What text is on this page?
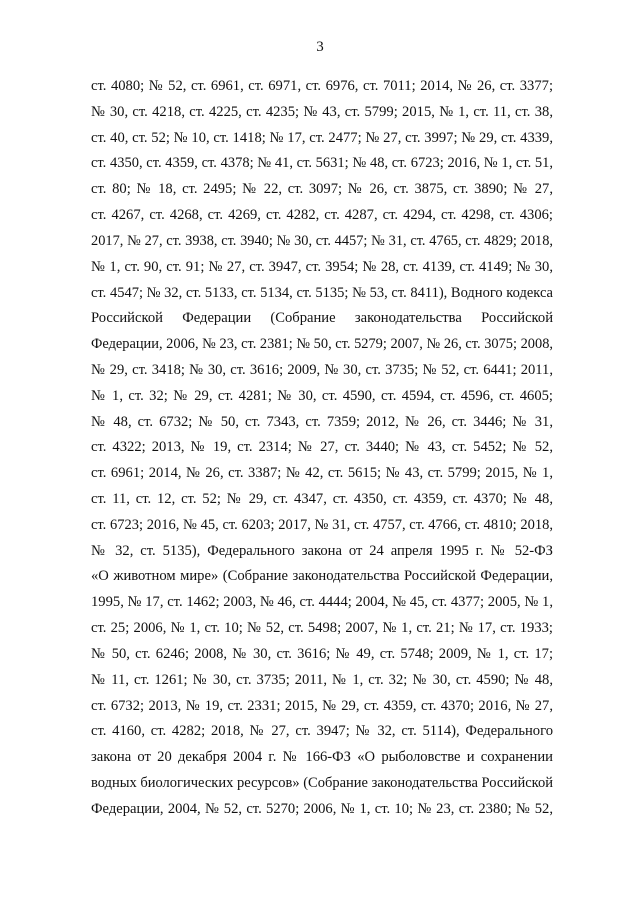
3
ст. 4080; № 52, ст. 6961, ст. 6971, ст. 6976, ст. 7011; 2014, № 26, ст. 3377;
№ 30, ст. 4218, ст. 4225, ст. 4235; № 43, ст. 5799; 2015, № 1, ст. 11, ст. 38,
ст. 40, ст. 52; № 10, ст. 1418; № 17, ст. 2477; № 27, ст. 3997; № 29, ст. 4339,
ст. 4350, ст. 4359, ст. 4378; № 41, ст. 5631; № 48, ст. 6723; 2016, № 1, ст. 51,
ст. 80; № 18, ст. 2495; № 22, ст. 3097; № 26, ст. 3875, ст. 3890; № 27,
ст. 4267, ст. 4268, ст. 4269, ст. 4282, ст. 4287, ст. 4294, ст. 4298, ст. 4306;
2017, № 27, ст. 3938, ст. 3940; № 30, ст. 4457; № 31, ст. 4765, ст. 4829; 2018,
№ 1, ст. 90, ст. 91; № 27, ст. 3947, ст. 3954; № 28, ст. 4139, ст. 4149; № 30,
ст. 4547; № 32, ст. 5133, ст. 5134, ст. 5135; № 53, ст. 8411), Водного кодекса
Российской Федерации (Собрание законодательства Российской
Федерации, 2006, № 23, ст. 2381; № 50, ст. 5279; 2007, № 26, ст. 3075; 2008,
№ 29, ст. 3418; № 30, ст. 3616; 2009, № 30, ст. 3735; № 52, ст. 6441; 2011,
№ 1, ст. 32; № 29, ст. 4281; № 30, ст. 4590, ст. 4594, ст. 4596, ст. 4605;
№ 48, ст. 6732; № 50, ст. 7343, ст. 7359; 2012, № 26, ст. 3446; № 31,
ст. 4322; 2013, № 19, ст. 2314; № 27, ст. 3440; № 43, ст. 5452; № 52,
ст. 6961; 2014, № 26, ст. 3387; № 42, ст. 5615; № 43, ст. 5799; 2015, № 1,
ст. 11, ст. 12, ст. 52; № 29, ст. 4347, ст. 4350, ст. 4359, ст. 4370; № 48,
ст. 6723; 2016, № 45, ст. 6203; 2017, № 31, ст. 4757, ст. 4766, ст. 4810; 2018,
№ 32, ст. 5135), Федерального закона от 24 апреля 1995 г. № 52-ФЗ
«О животном мире» (Собрание законодательства Российской Федерации,
1995, № 17, ст. 1462; 2003, № 46, ст. 4444; 2004, № 45, ст. 4377; 2005, № 1,
ст. 25; 2006, № 1, ст. 10; № 52, ст. 5498; 2007, № 1, ст. 21; № 17, ст. 1933;
№ 50, ст. 6246; 2008, № 30, ст. 3616; № 49, ст. 5748; 2009, № 1, ст. 17;
№ 11, ст. 1261; № 30, ст. 3735; 2011, № 1, ст. 32; № 30, ст. 4590; № 48,
ст. 6732; 2013, № 19, ст. 2331; 2015, № 29, ст. 4359, ст. 4370; 2016, № 27,
ст. 4160, ст. 4282; 2018, № 27, ст. 3947; № 32, ст. 5114), Федерального
закона от 20 декабря 2004 г. № 166-ФЗ «О рыболовстве и сохранении
водных биологических ресурсов» (Собрание законодательства Российской
Федерации, 2004, № 52, ст. 5270; 2006, № 1, ст. 10; № 23, ст. 2380; № 52,
